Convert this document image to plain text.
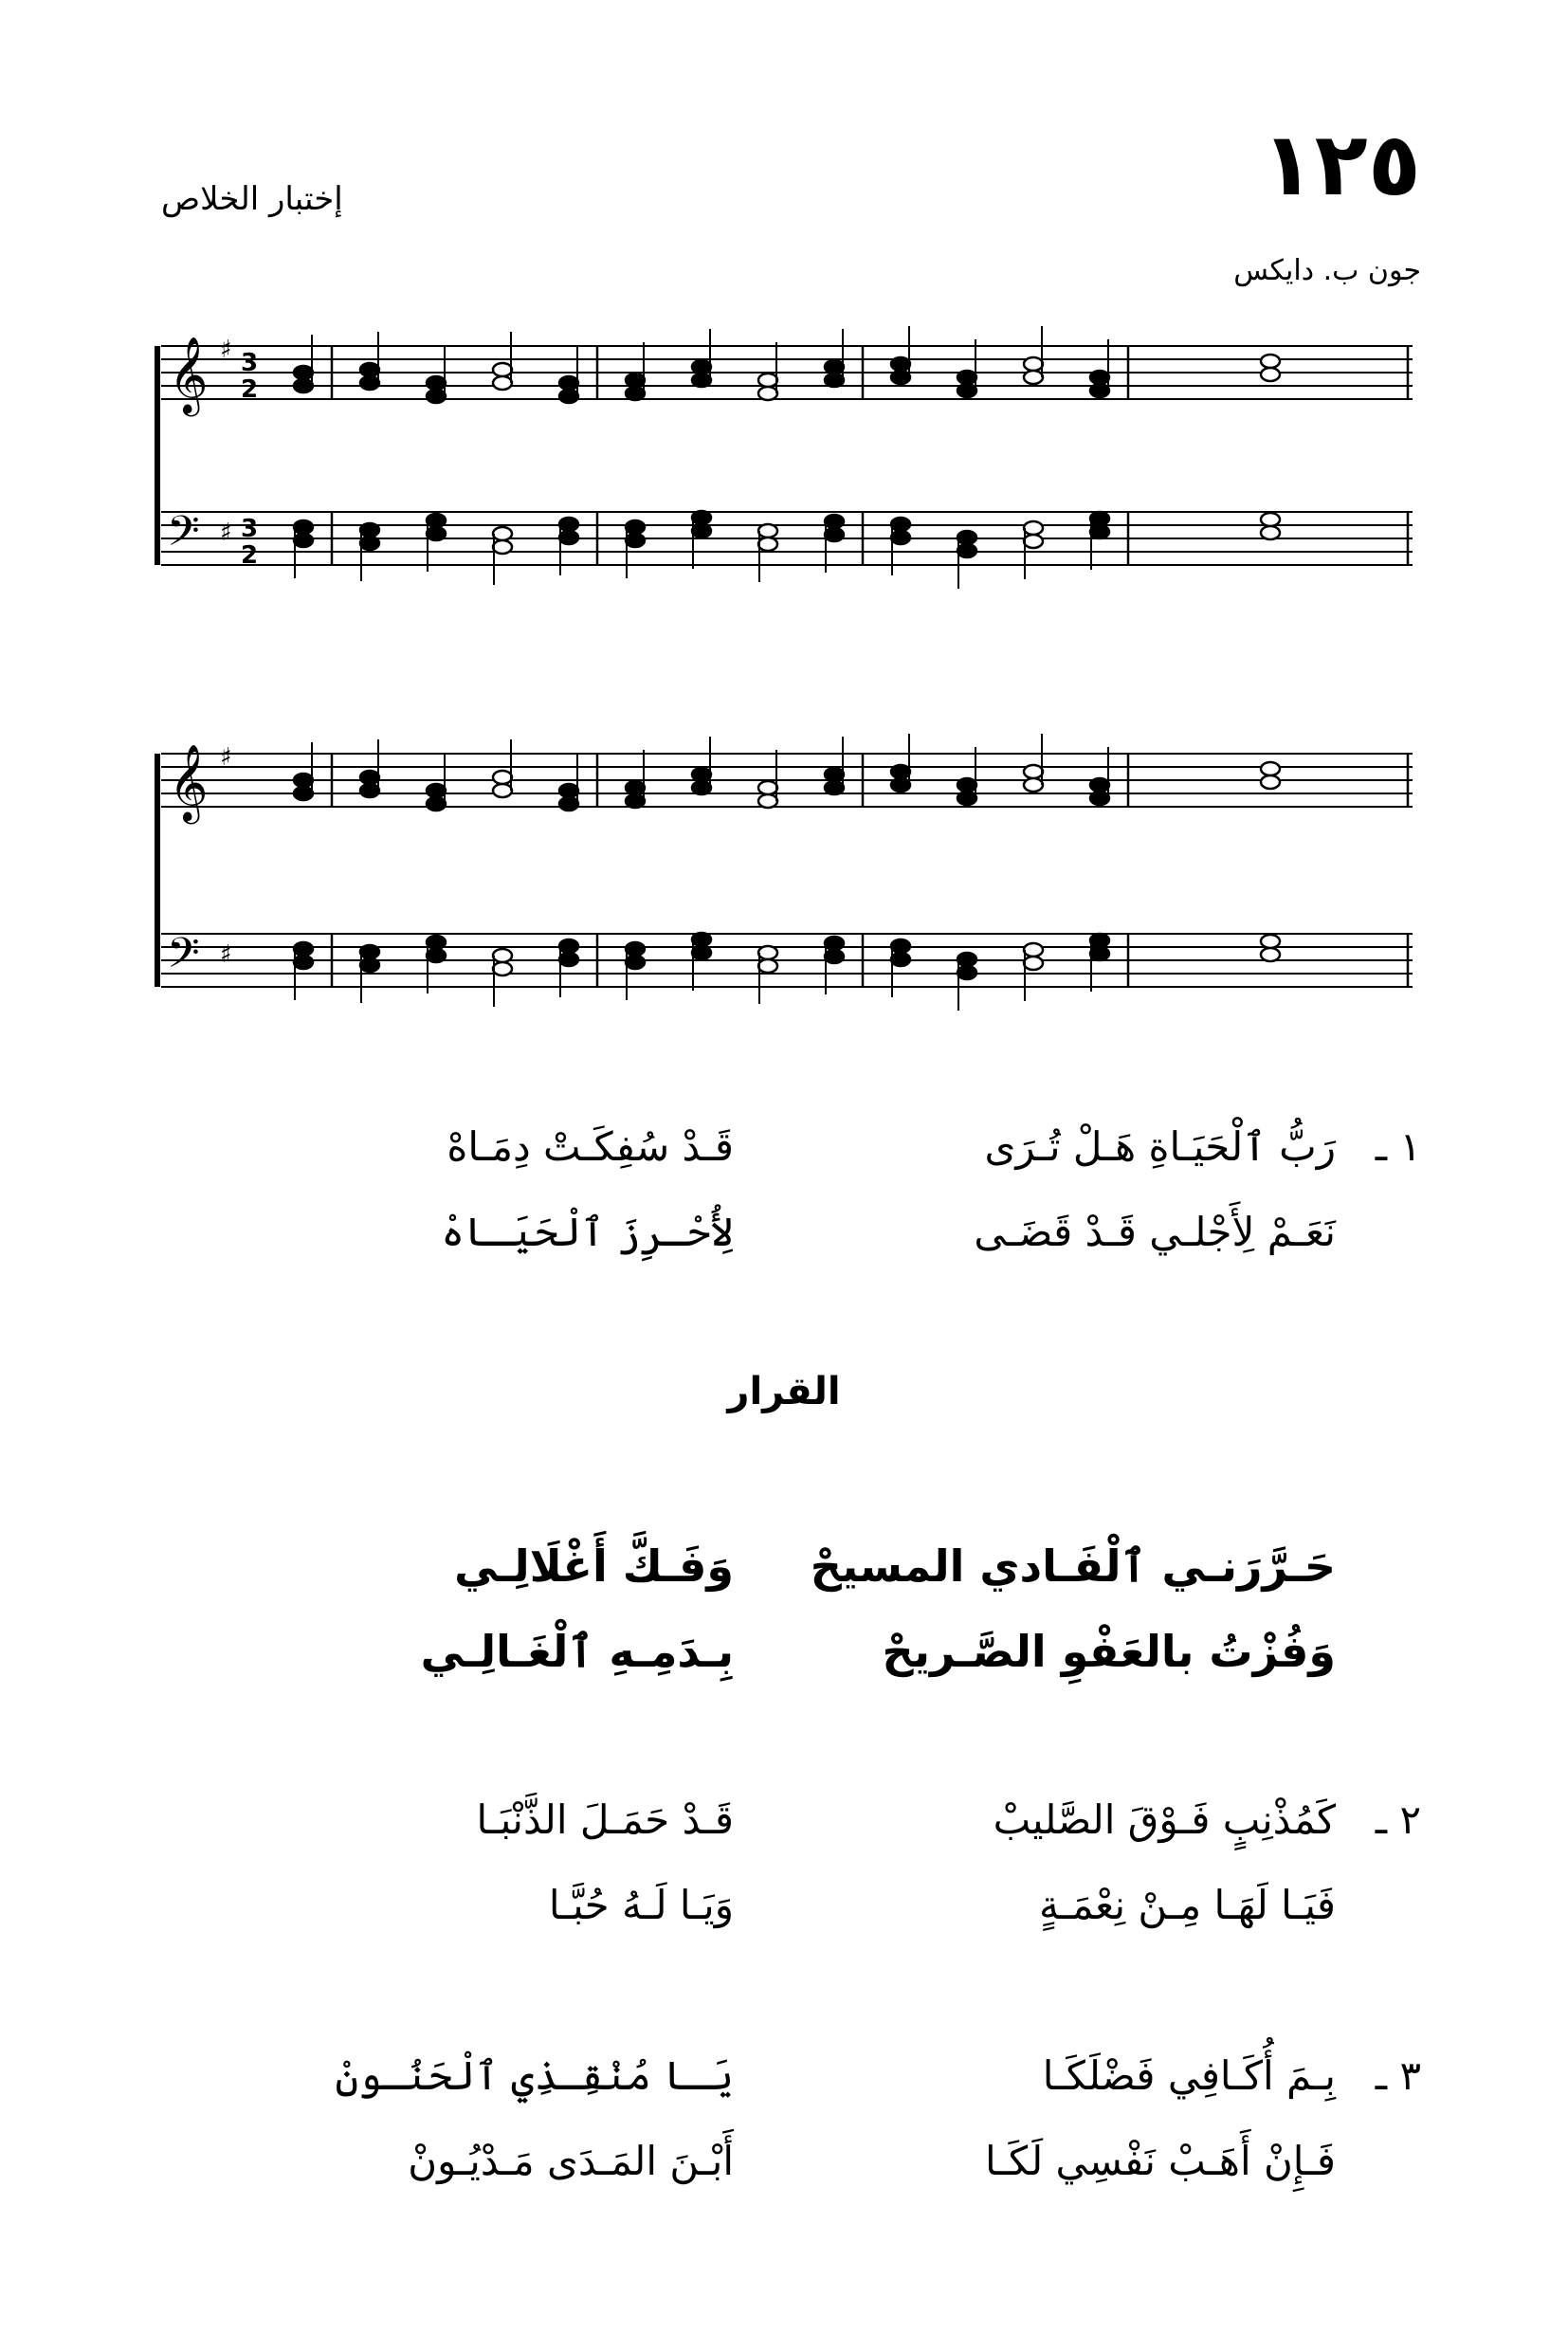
١٢٥
إختبار الخلاص
جون ب. دايكس
𝄞
𝄢
♯
♯
3
2
3
2
𝄞
𝄢
♯
♯
١ ـ
رَبُّ ٱلْحَيَـاةِ هَـلْ تُـرَى
قَـدْ سُفِكَـتْ دِمَـاهْ
نَعَـمْ لِأَجْلـي قَـدْ قَضَـى
لِأُحْـرِزَ ٱلْحَيَـاهْ
القرار
حَـرَّرَنـي ٱلْفَـادي المسيحْ
وَفَـكَّ أَغْلَالِـي
وَفُزْتُ بالعَفْوِ الصَّـريحْ
بِـدَمِـهِ ٱلْغَـالِـي
٢ ـ
كَمُذْنِبٍ فَـوْقَ الصَّليبْ
قَـدْ حَمَـلَ الذَّنْبَـا
فَيَـا لَهَـا مِـنْ نِعْمَـةٍ
وَيَـا لَـهُ حُبَّـا
٣ ـ
بِـمَ أُكَـافِي فَضْلَكَـا
يَـا مُنْقِـذِي ٱلْحَنُـونْ
فَـإِنْ أَهَـبْ نَفْسِي لَكَـا
أَبْـنَ المَـدَى مَـدْيُـونْ
